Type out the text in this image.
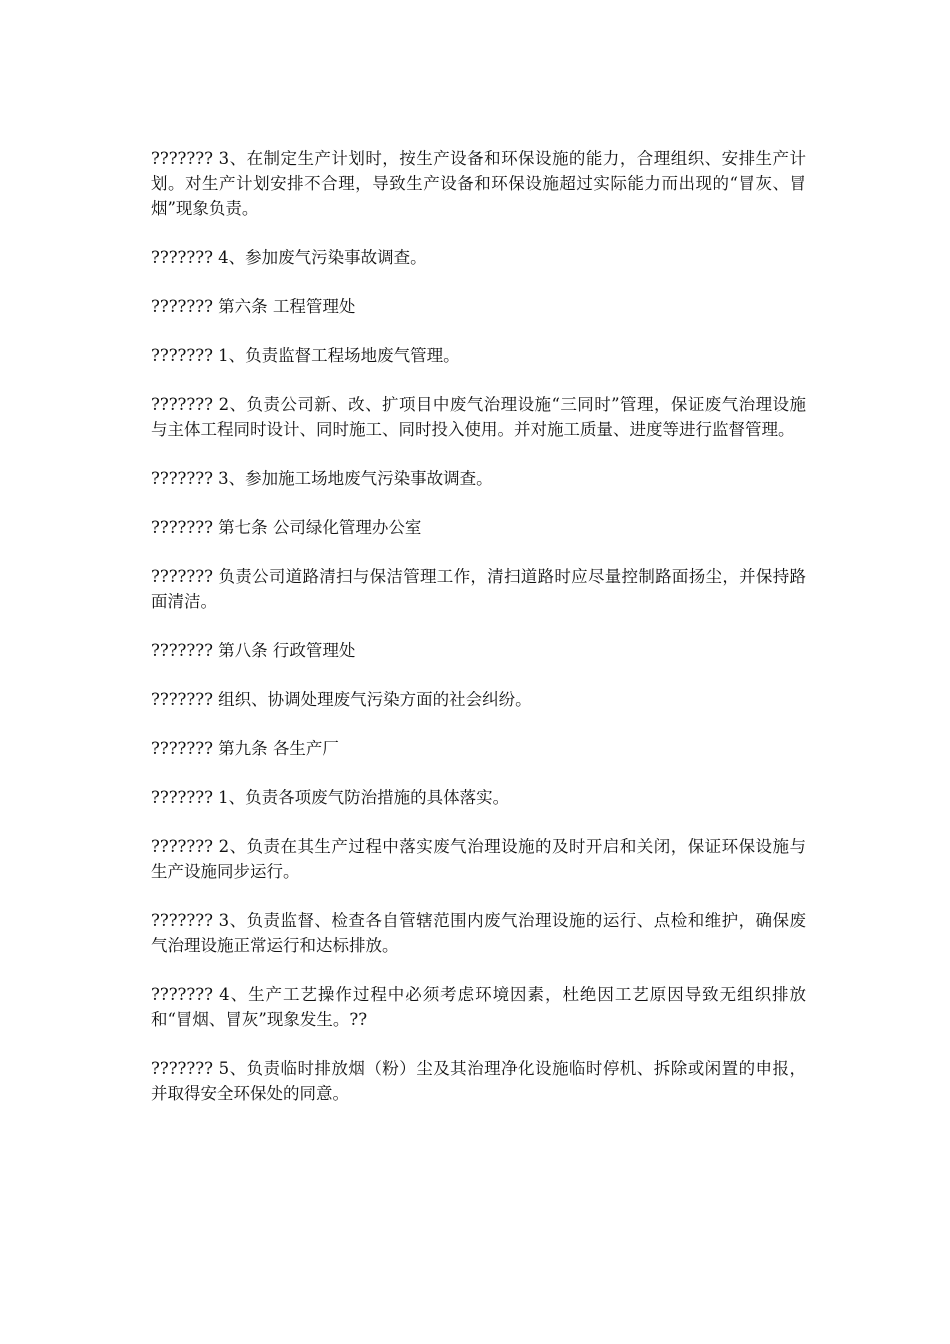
??????? 3、在制定生产计划时，按生产设备和环保设施的能力，合理组织、安排生产计划。对生产计划安排不合理，导致生产设备和环保设施超过实际能力而出现的“冒灰、冒烟”现象负责。

??????? 4、参加废气污染事故调查。

??????? 第六条 工程管理处

??????? 1、负责监督工程场地废气管理。

??????? 2、负责公司新、改、扩项目中废气治理设施“三同时”管理，保证废气治理设施与主体工程同时设计、同时施工、同时投入使用。并对施工质量、进度等进行监督管理。

??????? 3、参加施工场地废气污染事故调查。

??????? 第七条 公司绿化管理办公室

??????? 负责公司道路清扫与保洁管理工作，清扫道路时应尽量控制路面扬尘，并保持路面清洁。

??????? 第八条 行政管理处

??????? 组织、协调处理废气污染方面的社会纠纷。

??????? 第九条 各生产厂

??????? 1、负责各项废气防治措施的具体落实。

??????? 2、负责在其生产过程中落实废气治理设施的及时开启和关闭，保证环保设施与生产设施同步运行。

??????? 3、负责监督、检查各自管辖范围内废气治理设施的运行、点检和维护，确保废气治理设施正常运行和达标排放。

??????? 4、生产工艺操作过程中必须考虑环境因素，杜绝因工艺原因导致无组织排放和“冒烟、冒灰”现象发生。??

??????? 5、负责临时排放烟（粉）尘及其治理净化设施临时停机、拆除或闲置的申报，并取得安全环保处的同意。
